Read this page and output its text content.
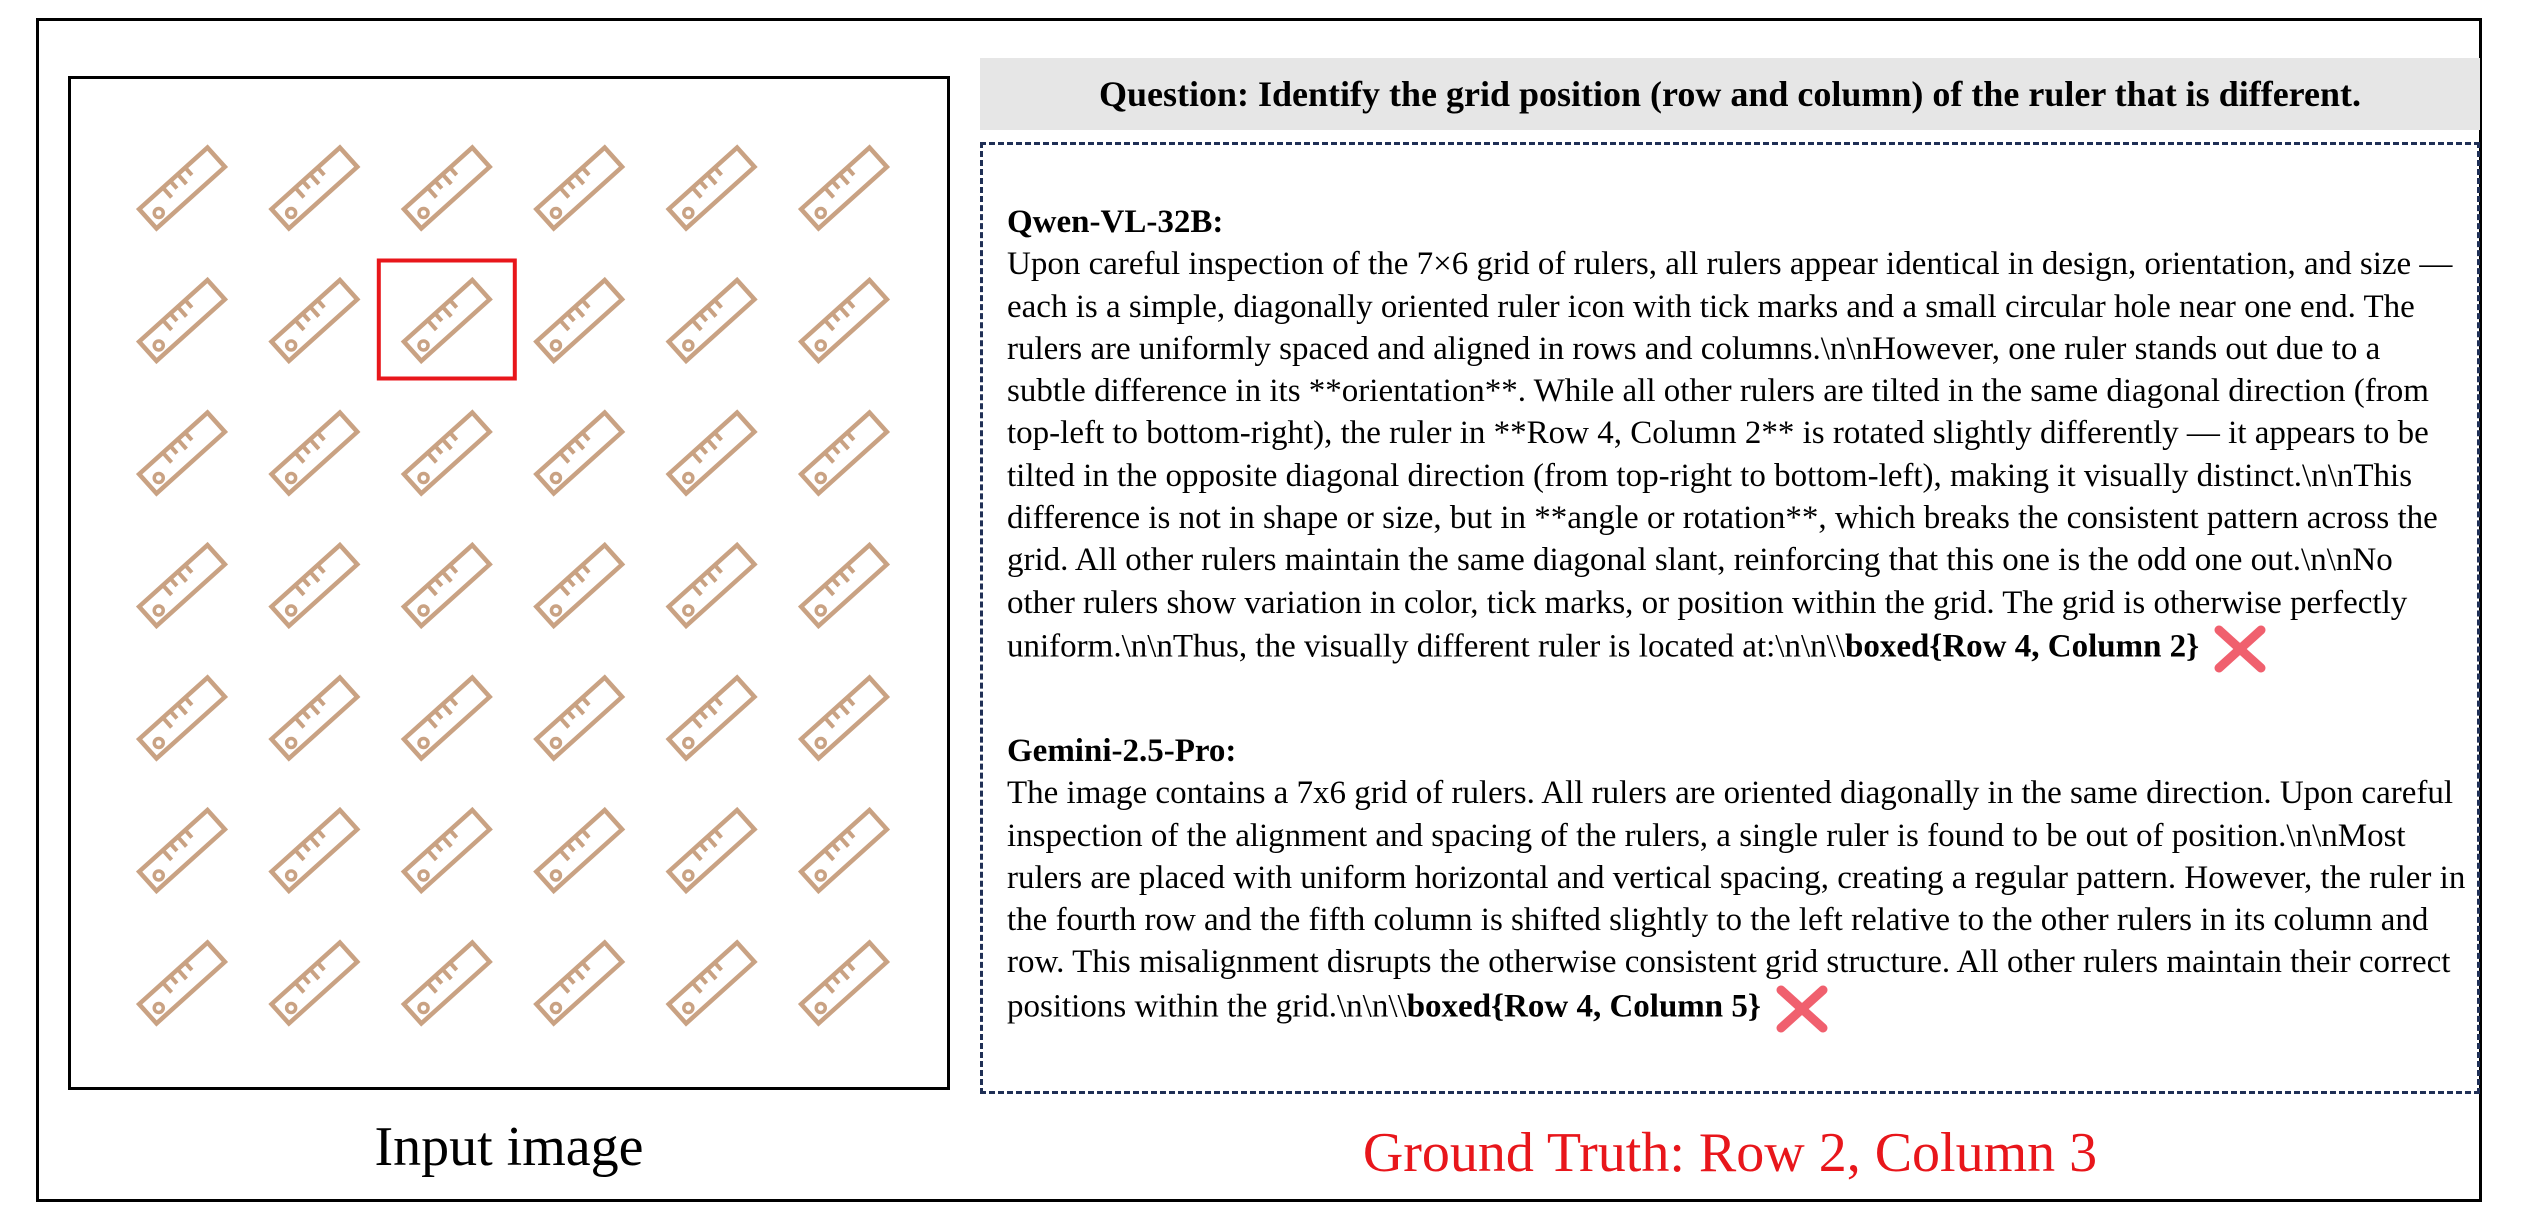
Input image
Question: Identify the grid position (row and column) of the ruler that is different.
Qwen-VL-32B:
Upon careful inspection of the 7×6 grid of rulers, all rulers appear identical in design, orientation, and size — each is a simple, diagonally oriented ruler icon with tick marks and a small circular hole near one end. The rulers are uniformly spaced and aligned in rows and columns.\n\nHowever, one ruler stands out due to a subtle difference in its **orientation**. While all other rulers are tilted in the same diagonal direction (from top-left to bottom-right), the ruler in **Row 4, Column 2** is rotated slightly differently — it appears to be tilted in the opposite diagonal direction (from top-right to bottom-left), making it visually distinct.\n\nThis difference is not in shape or size, but in **angle or rotation**, which breaks the consistent pattern across the grid. All other rulers maintain the same diagonal slant, reinforcing that this one is the odd one out.\n\nNo other rulers show variation in color, tick marks, or position within the grid. The grid is otherwise perfectly uniform.\n\nThus, the visually different ruler is located at:\n\n\\boxed{Row 4, Column 2}
Gemini-2.5-Pro:
The image contains a 7x6 grid of rulers. All rulers are oriented diagonally in the same direction. Upon careful inspection of the alignment and spacing of the rulers, a single ruler is found to be out of position.\n\nMost rulers are placed with uniform horizontal and vertical spacing, creating a regular pattern. However, the ruler in the fourth row and the fifth column is shifted slightly to the left relative to the other rulers in its column and row. This misalignment disrupts the otherwise consistent grid structure. All other rulers maintain their correct positions within the grid.\n\n\\boxed{Row 4, Column 5}
Ground Truth: Row 2, Column 3
